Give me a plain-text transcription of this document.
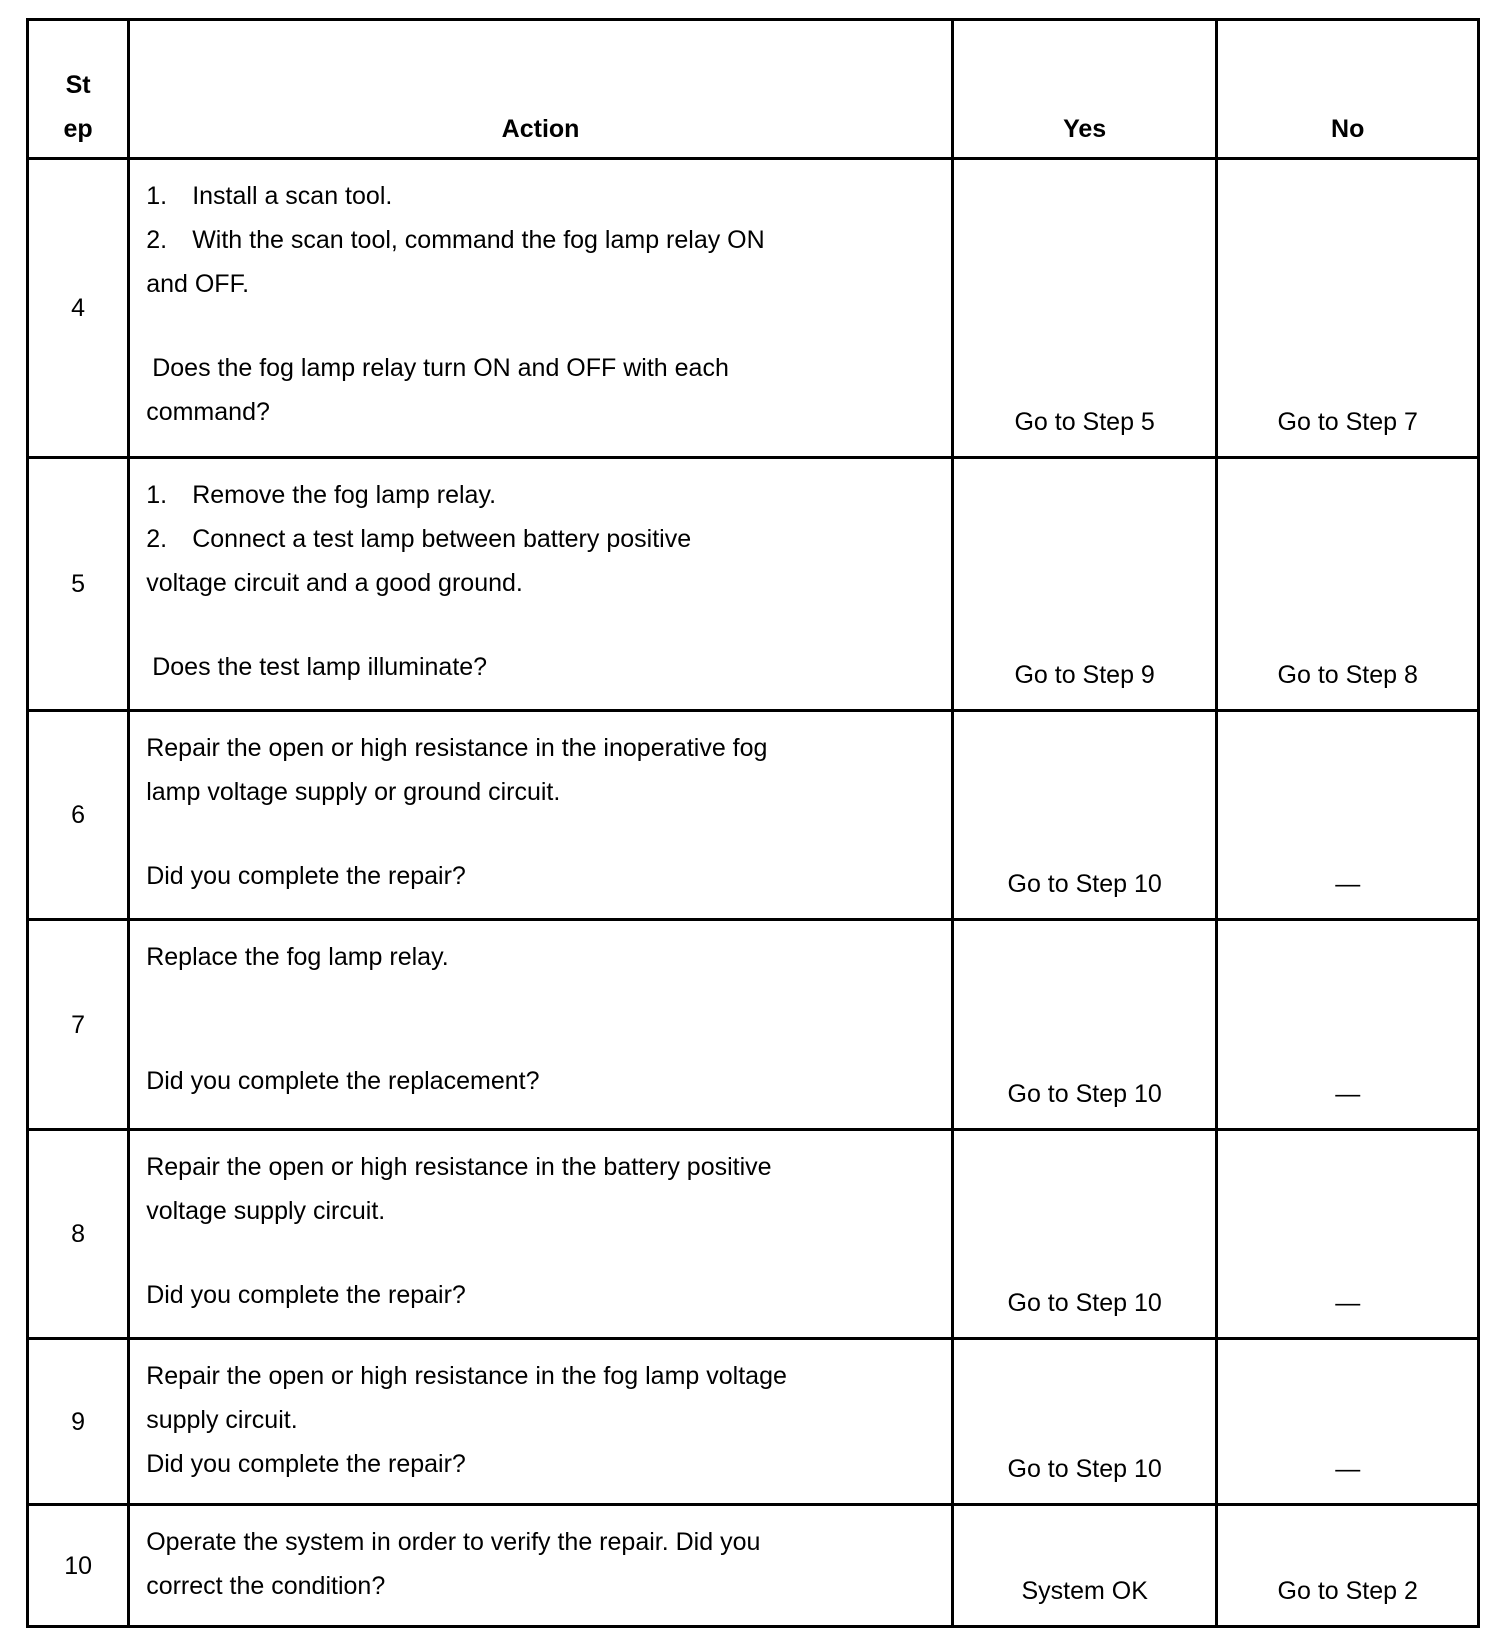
St
ep	Action	Yes	No
4	1. Install a scan tool.
2. With the scan tool, command the fog lamp relay ON
and OFF.
Does the fog lamp relay turn ON and OFF with each
command?	Go to Step 5	Go to Step 7
5	1. Remove the fog lamp relay.
2. Connect a test lamp between battery positive
voltage circuit and a good ground.
Does the test lamp illuminate?	Go to Step 9	Go to Step 8
6	Repair the open or high resistance in the inoperative fog
lamp voltage supply or ground circuit.
Did you complete the repair?	Go to Step 10	—
7	Replace the fog lamp relay.
Did you complete the replacement?	Go to Step 10	—
8	Repair the open or high resistance in the battery positive
voltage supply circuit.
Did you complete the repair?	Go to Step 10	—
9	Repair the open or high resistance in the fog lamp voltage
supply circuit.
Did you complete the repair?	Go to Step 10	—
10	Operate the system in order to verify the repair. Did you
correct the condition?	System OK	Go to Step 2
